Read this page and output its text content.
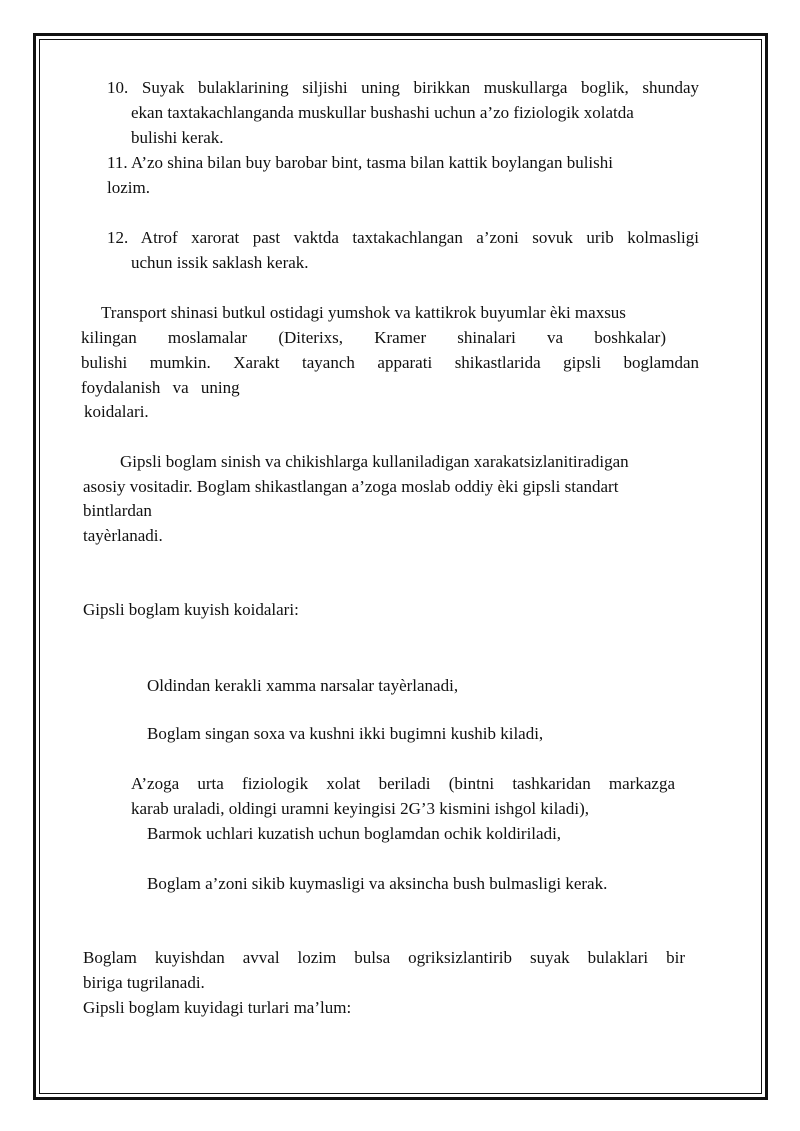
10. Suyak bulaklarining siljishi uning birikkan muskullarga boglik, shunday
ekan taxtakachlanganda muskullar bushashi uchun a’zo fiziologik xolatda
bulishi kerak.
11. A’zo shina bilan buy barobar bint, tasma bilan kattik boylangan bulishi
lozim.
12. Atrof xarorat past vaktda taxtakachlangan a’zoni sovuk urib kolmasligi
uchun issik saklash kerak.
Transport shinasi butkul ostidagi yumshok va kattikrok buyumlar èki maxsus
kilingan moslamalar (Diterixs, Kramer shinalari va boshkalar)
bulishi mumkin. Xarakt tayanch apparati shikastlarida gipsli boglamdan
foydalanish va uning
koidalari.
Gipsli boglam sinish va chikishlarga kullaniladigan xarakatsizlanitiradigan
asosiy vositadir. Boglam shikastlangan a’zoga moslab oddiy èki gipsli standart
bintlardan
tayèrlanadi.
Gipsli boglam kuyish koidalari:
Oldindan kerakli xamma narsalar tayèrlanadi,
Boglam singan soxa va kushni ikki bugimni kushib kiladi,
A’zoga urta fiziologik xolat beriladi (bintni tashkaridan markazga
karab uraladi, oldingi uramni keyingisi 2G’3 kismini ishgol kiladi),
Barmok uchlari kuzatish uchun boglamdan ochik koldiriladi,
Boglam a’zoni sikib kuymasligi va aksincha bush bulmasligi kerak.
Boglam kuyishdan avval lozim bulsa ogriksizlantirib suyak bulaklari bir
biriga tugrilanadi.
Gipsli boglam kuyidagi turlari ma’lum:
